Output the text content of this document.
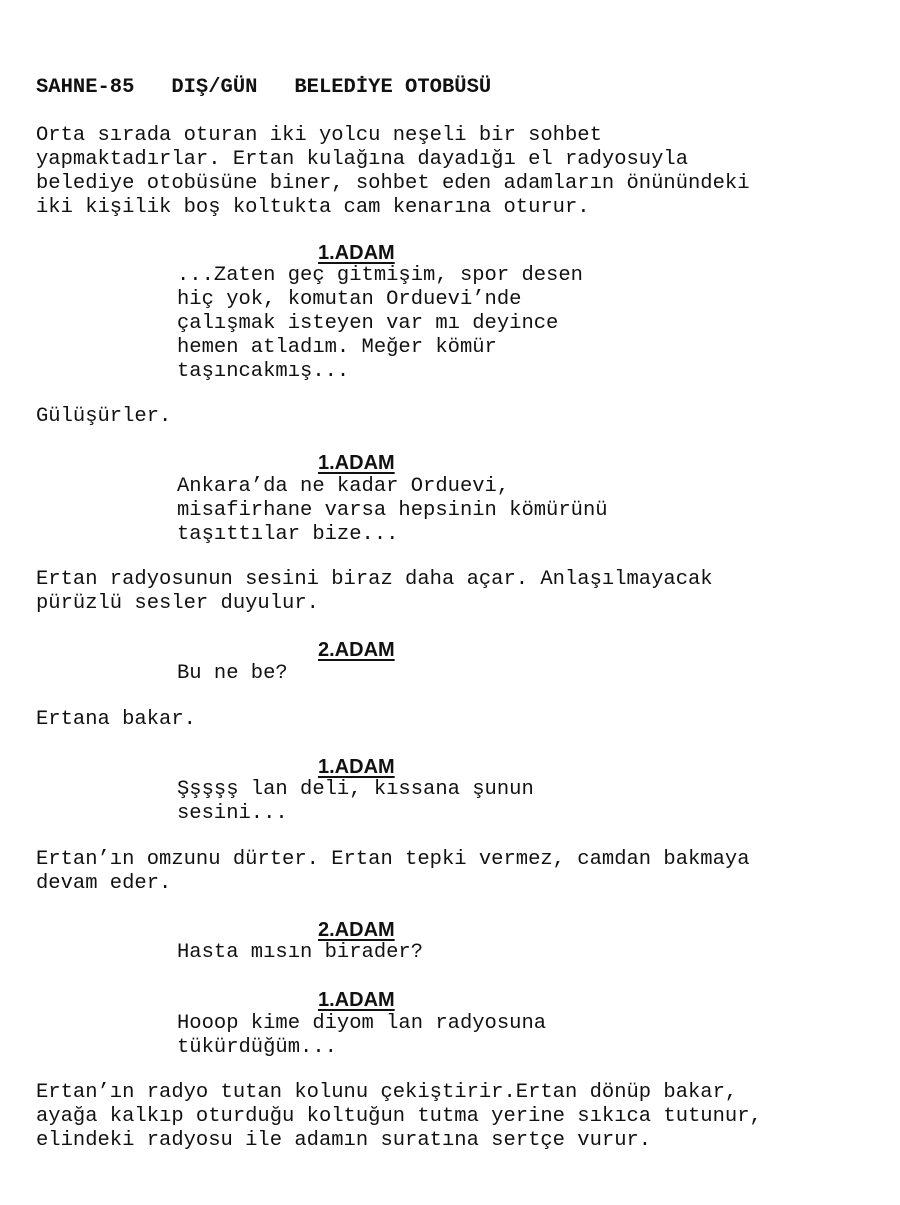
SAHNE-85   DIŞ/GÜN   BELEDİYE OTOBÜSÜ

Orta sırada oturan iki yolcu neşeli bir sohbet
yapmaktadırlar. Ertan kulağına dayadığı el radyosuyla
belediye otobüsüne biner, sohbet eden adamların önünündeki
iki kişilik boş koltukta cam kenarına oturur.

1.ADAM

...Zaten geç gitmişim, spor desen
hiç yok, komutan Orduevi’nde
çalışmak isteyen var mı deyince
hemen atladım. Meğer kömür
taşıncakmış...

Gülüşürler.

1.ADAM

Ankara’da ne kadar Orduevi,
misafirhane varsa hepsinin kömürünü
taşıttılar bize...

Ertan radyosunun sesini biraz daha açar. Anlaşılmayacak
pürüzlü sesler duyulur.

2.ADAM

Bu ne be?

Ertana bakar.

1.ADAM

Şşşşş lan deli, kıssana şunun
sesini...

Ertan’ın omzunu dürter. Ertan tepki vermez, camdan bakmaya
devam eder.

2.ADAM

Hasta mısın birader?

1.ADAM

Hooop kime diyom lan radyosuna
tükürdüğüm...

Ertan’ın radyo tutan kolunu çekiştirir.Ertan dönüp bakar,
ayağa kalkıp oturduğu koltuğun tutma yerine sıkıca tutunur,
elindeki radyosu ile adamın suratına sertçe vurur.
